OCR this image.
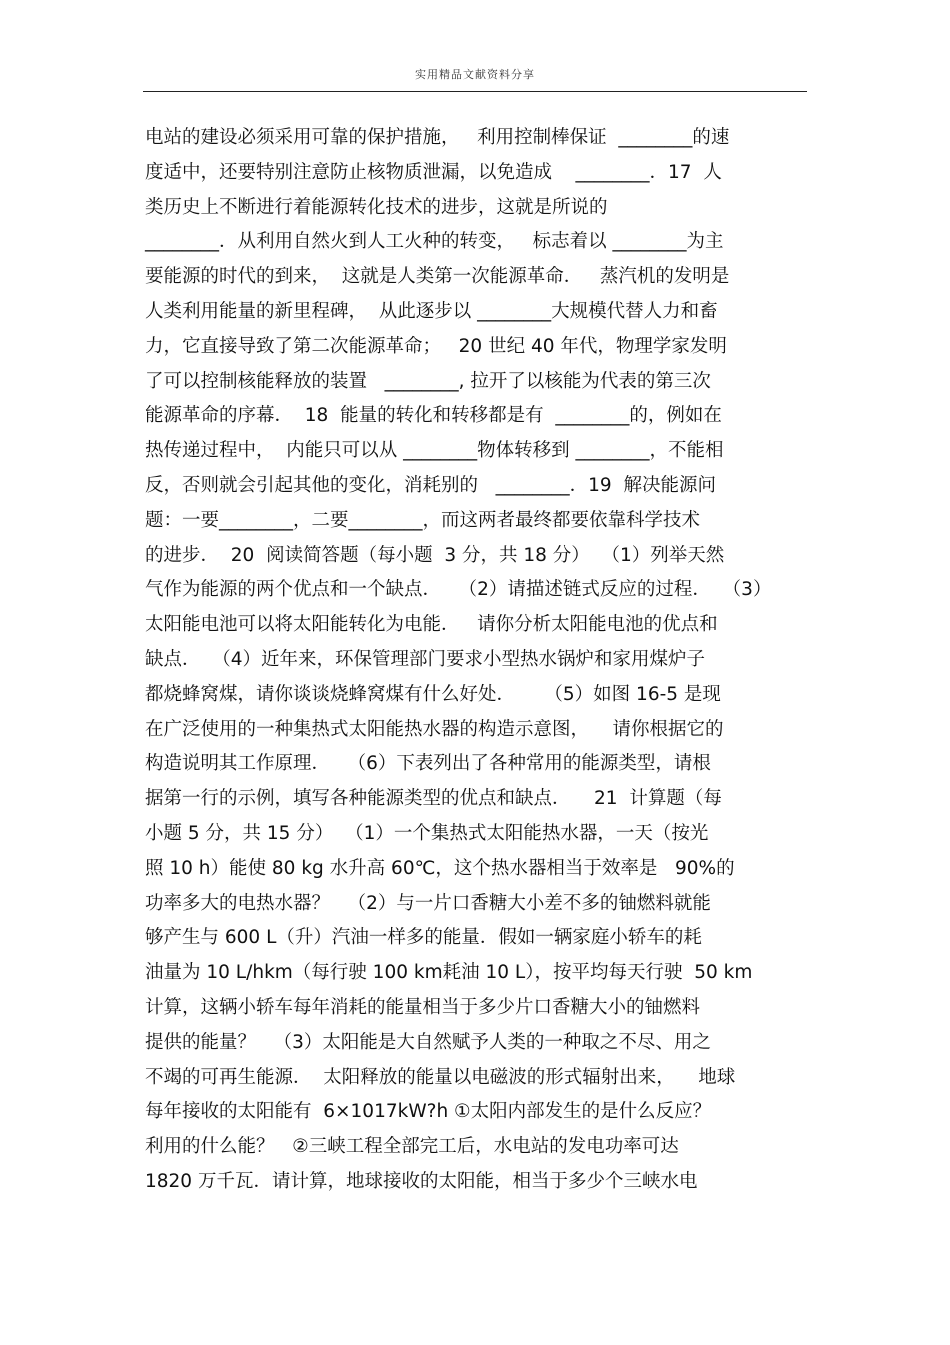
实用精品文献资料分享
电站的建设必须采用可靠的保护措施，   利用控制棒保证  ________的速
度适中，还要特别注意防止核物质泄漏，以免造成    ________．17  人
类历史上不断进行着能源转化技术的进步，这就是所说的
________．从利用自然火到人工火种的转变，   标志着以 ________为主
要能源的时代的到来，  这就是人类第一次能源革命．   蒸汽机的发明是
人类利用能量的新里程碑，  从此逐步以 ________大规模代替人力和畜
力，它直接导致了第二次能源革命；   20 世纪 40 年代，物理学家发明
了可以控制核能释放的装置   ________, 拉开了以核能为代表的第三次
能源革命的序幕．  18  能量的转化和转移都是有  ________的，例如在
热传递过程中，  内能只可以从 ________物体转移到 ________，不能相
反，否则就会引起其他的变化，消耗别的   ________．19  解决能源问
题：一要________，二要________，而这两者最终都要依靠科学技术
的进步．  20  阅读简答题（每小题  3 分，共 18 分）  （1）列举天然
气作为能源的两个优点和一个缺点．   （2）请描述链式反应的过程．  （3）
太阳能电池可以将太阳能转化为电能．   请你分析太阳能电池的优点和
缺点．  （4）近年来，环保管理部门要求小型热水锅炉和家用煤炉子
都烧蜂窝煤，请你谈谈烧蜂窝煤有什么好处．     （5）如图 16-5 是现
在广泛使用的一种集热式太阳能热水器的构造示意图，    请你根据它的
构造说明其工作原理．   （6）下表列出了各种常用的能源类型，请根
据第一行的示例，填写各种能源类型的优点和缺点．    21  计算题（每
小题 5 分，共 15 分）  （1）一个集热式太阳能热水器，一天（按光
照 10 h）能使 80 kg 水升高 60℃，这个热水器相当于效率是   90%的
功率多大的电热水器？   （2）与一片口香糖大小差不多的铀燃料就能
够产生与 600 L（升）汽油一样多的能量．假如一辆家庭小轿车的耗
油量为 10 L/hkm（每行驶 100 km耗油 10 L），按平均每天行驶  50 km
计算，这辆小轿车每年消耗的能量相当于多少片口香糖大小的铀燃料
提供的能量？   （3）太阳能是大自然赋予人类的一种取之不尽、用之
不竭的可再生能源．  太阳释放的能量以电磁波的形式辐射出来，    地球
每年接收的太阳能有  6×1017kW?h ①太阳内部发生的是什么反应？
利用的什么能？   ②三峡工程全部完工后，水电站的发电功率可达
1820 万千瓦．请计算，地球接收的太阳能，相当于多少个三峡水电
